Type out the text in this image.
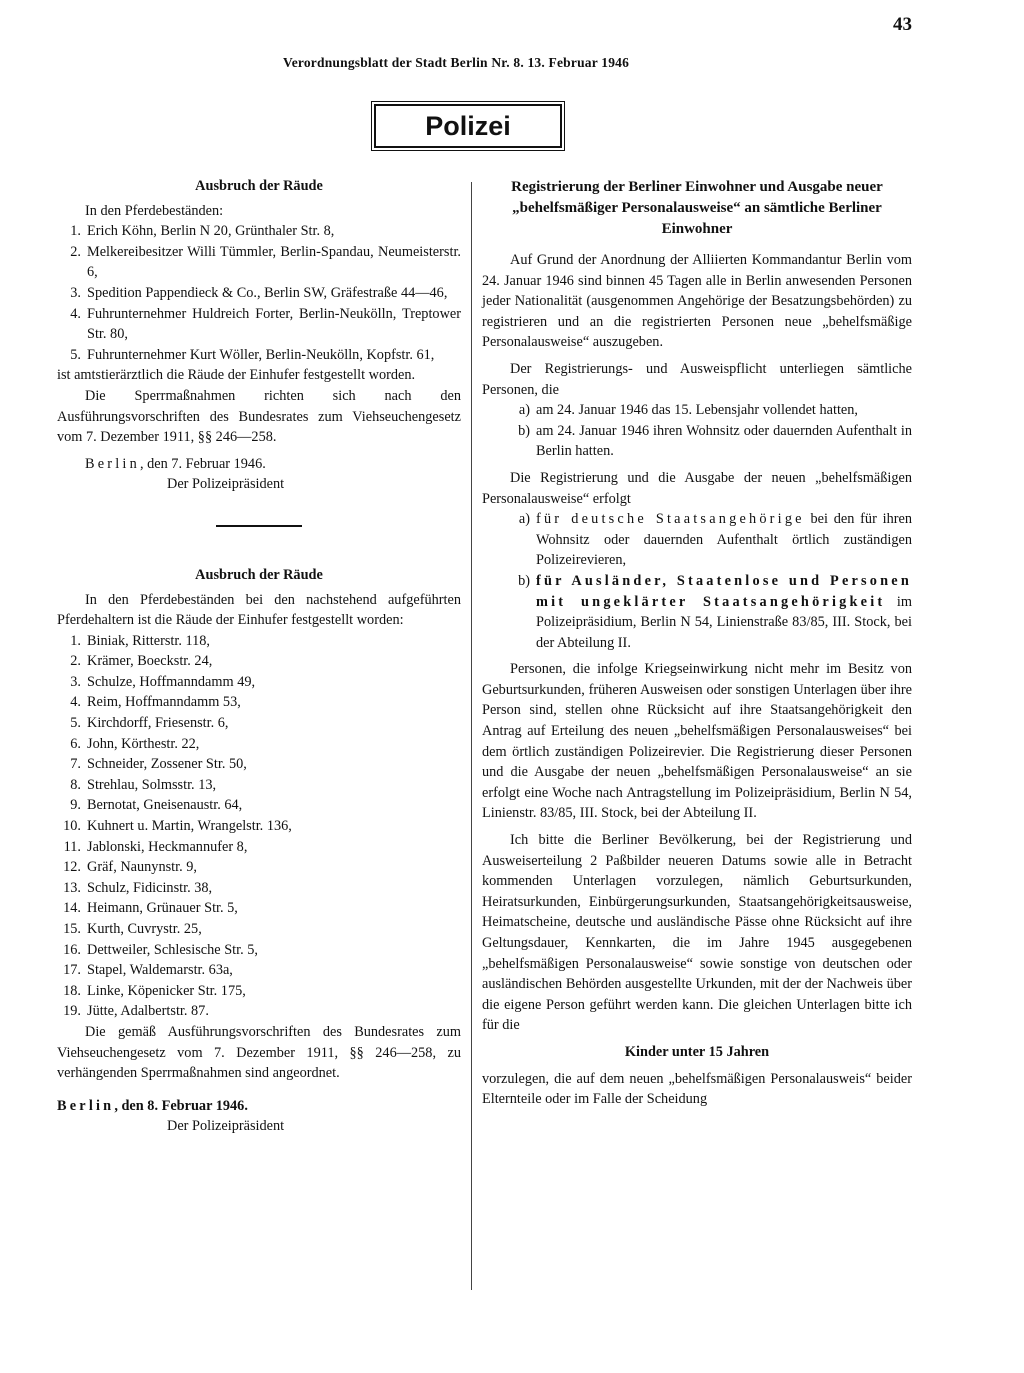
43
Verordnungsblatt der Stadt Berlin Nr. 8. 13. Februar 1946
Polizei

Ausbruch der Räude

In den Pferdebeständen:

1. Erich Köhn, Berlin N 20, Grünthaler Str. 8,
2. Melkereibesitzer Willi Tümmler, Berlin-Spandau, Neumeisterstr. 6,
3. Spedition Pappendieck & Co., Berlin SW, Gräfestraße 44—46,
4. Fuhrunternehmer Huldreich Forter, Berlin-Neukölln, Treptower Str. 80,
5. Fuhrunternehmer Kurt Wöller, Berlin-Neukölln, Kopfstr. 61,

ist amtstierärztlich die Räude der Einhufer festgestellt worden.

Die Sperrmaßnahmen richten sich nach den Ausführungsvorschriften des Bundesrates zum Viehseuchengesetz vom 7. Dezember 1911, §§ 246—258.

Berlin, den 7. Februar 1946.

Der Polizeipräsident

Ausbruch der Räude

In den Pferdebeständen bei den nachstehend aufgeführten Pferdehaltern ist die Räude der Einhufer festgestellt worden:

1. Biniak, Ritterstr. 118,
2. Krämer, Boeckstr. 24,
3. Schulze, Hoffmanndamm 49,
4. Reim, Hoffmanndamm 53,
5. Kirchdorff, Friesenstr. 6,
6. John, Körthestr. 22,
7. Schneider, Zossener Str. 50,
8. Strehlau, Solmsstr. 13,
9. Bernotat, Gneisenaustr. 64,
10. Kuhnert u. Martin, Wrangelstr. 136,
11. Jablonski, Heckmannufer 8,
12. Gräf, Naunynstr. 9,
13. Schulz, Fidicinstr. 38,
14. Heimann, Grünauer Str. 5,
15. Kurth, Cuvrystr. 25,
16. Dettweiler, Schlesische Str. 5,
17. Stapel, Waldemarstr. 63a,
18. Linke, Köpenicker Str. 175,
19. Jütte, Adalbertstr. 87.

Die gemäß Ausführungsvorschriften des Bundesrates zum Viehseuchengesetz vom 7. Dezember 1911, §§ 246—258, zu verhängenden Sperrmaßnahmen sind angeordnet.

Berlin, den 8. Februar 1946.

Der Polizeipräsident

Registrierung der Berliner Einwohner und Ausgabe neuer „behelfsmäßiger Personalausweise“ an sämtliche Berliner Einwohner

Auf Grund der Anordnung der Alliierten Kommandantur Berlin vom 24. Januar 1946 sind binnen 45 Tagen alle in Berlin anwesenden Personen jeder Nationalität (ausgenommen Angehörige der Besatzungsbehörden) zu registrieren und an die registrierten Personen neue „behelfsmäßige Personalausweise“ auszugeben.

Der Registrierungs- und Ausweispflicht unterliegen sämtliche Personen, die

a) am 24. Januar 1946 das 15. Lebensjahr vollendet hatten,
b) am 24. Januar 1946 ihren Wohnsitz oder dauernden Aufenthalt in Berlin hatten.

Die Registrierung und die Ausgabe der neuen „behelfsmäßigen Personalausweise“ erfolgt

a) für deutsche Staatsangehörige bei den für ihren Wohnsitz oder dauernden Aufenthalt örtlich zuständigen Polizeirevieren,
b) für Ausländer, Staatenlose und Personen mit ungeklärter Staatsangehörigkeit im Polizeipräsidium, Berlin N 54, Linienstraße 83/85, III. Stock, bei der Abteilung II.

Personen, die infolge Kriegseinwirkung nicht mehr im Besitz von Geburtsurkunden, früheren Ausweisen oder sonstigen Unterlagen über ihre Person sind, stellen ohne Rücksicht auf ihre Staatsangehörigkeit den Antrag auf Erteilung des neuen „behelfsmäßigen Personalausweises“ bei dem örtlich zuständigen Polizeirevier. Die Registrierung dieser Personen und die Ausgabe der neuen „behelfsmäßigen Personalausweise“ an sie erfolgt eine Woche nach Antragstellung im Polizeipräsidium, Berlin N 54, Linienstr. 83/85, III. Stock, bei der Abteilung II.

Ich bitte die Berliner Bevölkerung, bei der Registrierung und Ausweiserteilung 2 Paßbilder neueren Datums sowie alle in Betracht kommenden Unterlagen vorzulegen, nämlich Geburtsurkunden, Heiratsurkunden, Einbürgerungsurkunden, Staatsangehörigkeitsausweise, Heimatscheine, deutsche und ausländische Pässe ohne Rücksicht auf ihre Geltungsdauer, Kennkarten, die im Jahre 1945 ausgegebenen „behelfsmäßigen Personalausweise“ sowie sonstige von deutschen oder ausländischen Behörden ausgestellte Urkunden, mit der der Nachweis über die eigene Person geführt werden kann. Die gleichen Unterlagen bitte ich für die

Kinder unter 15 Jahren

vorzulegen, die auf dem neuen „behelfsmäßigen Personalausweis“ beider Elternteile oder im Falle der Scheidung
